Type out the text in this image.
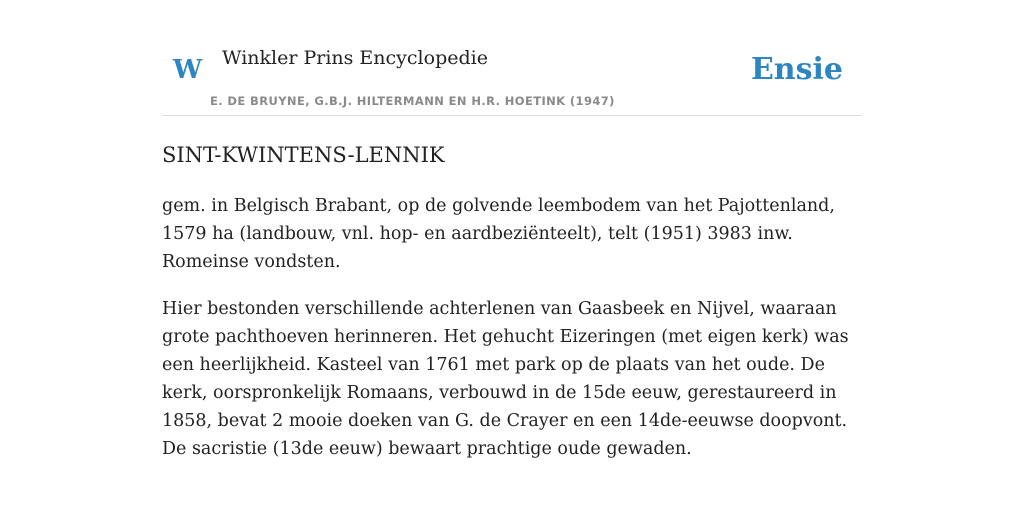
W Winkler Prins Encyclopedie
E. DE BRUYNE, G.B.J. HILTERMANN EN H.R. HOETINK (1947)
Ensie
SINT-KWINTENS-LENNIK

gem. in Belgisch Brabant, op de golvende leembodem van het Pajottenland, 1579 ha (landbouw, vnl. hop- en aardbeziënteelt), telt (1951) 3983 inw. Romeinse vondsten.

Hier bestonden verschillende achterlenen van Gaasbeek en Nijvel, waaraan grote pachthoeven herinneren. Het gehucht Eizeringen (met eigen kerk) was een heerlijkheid. Kasteel van 1761 met park op de plaats van het oude. De kerk, oorspronkelijk Romaans, verbouwd in de 15de eeuw, gerestaureerd in 1858, bevat 2 mooie doeken van G. de Crayer en een 14de-eeuwse doopvont. De sacristie (13de eeuw) bewaart prachtige oude gewaden.
